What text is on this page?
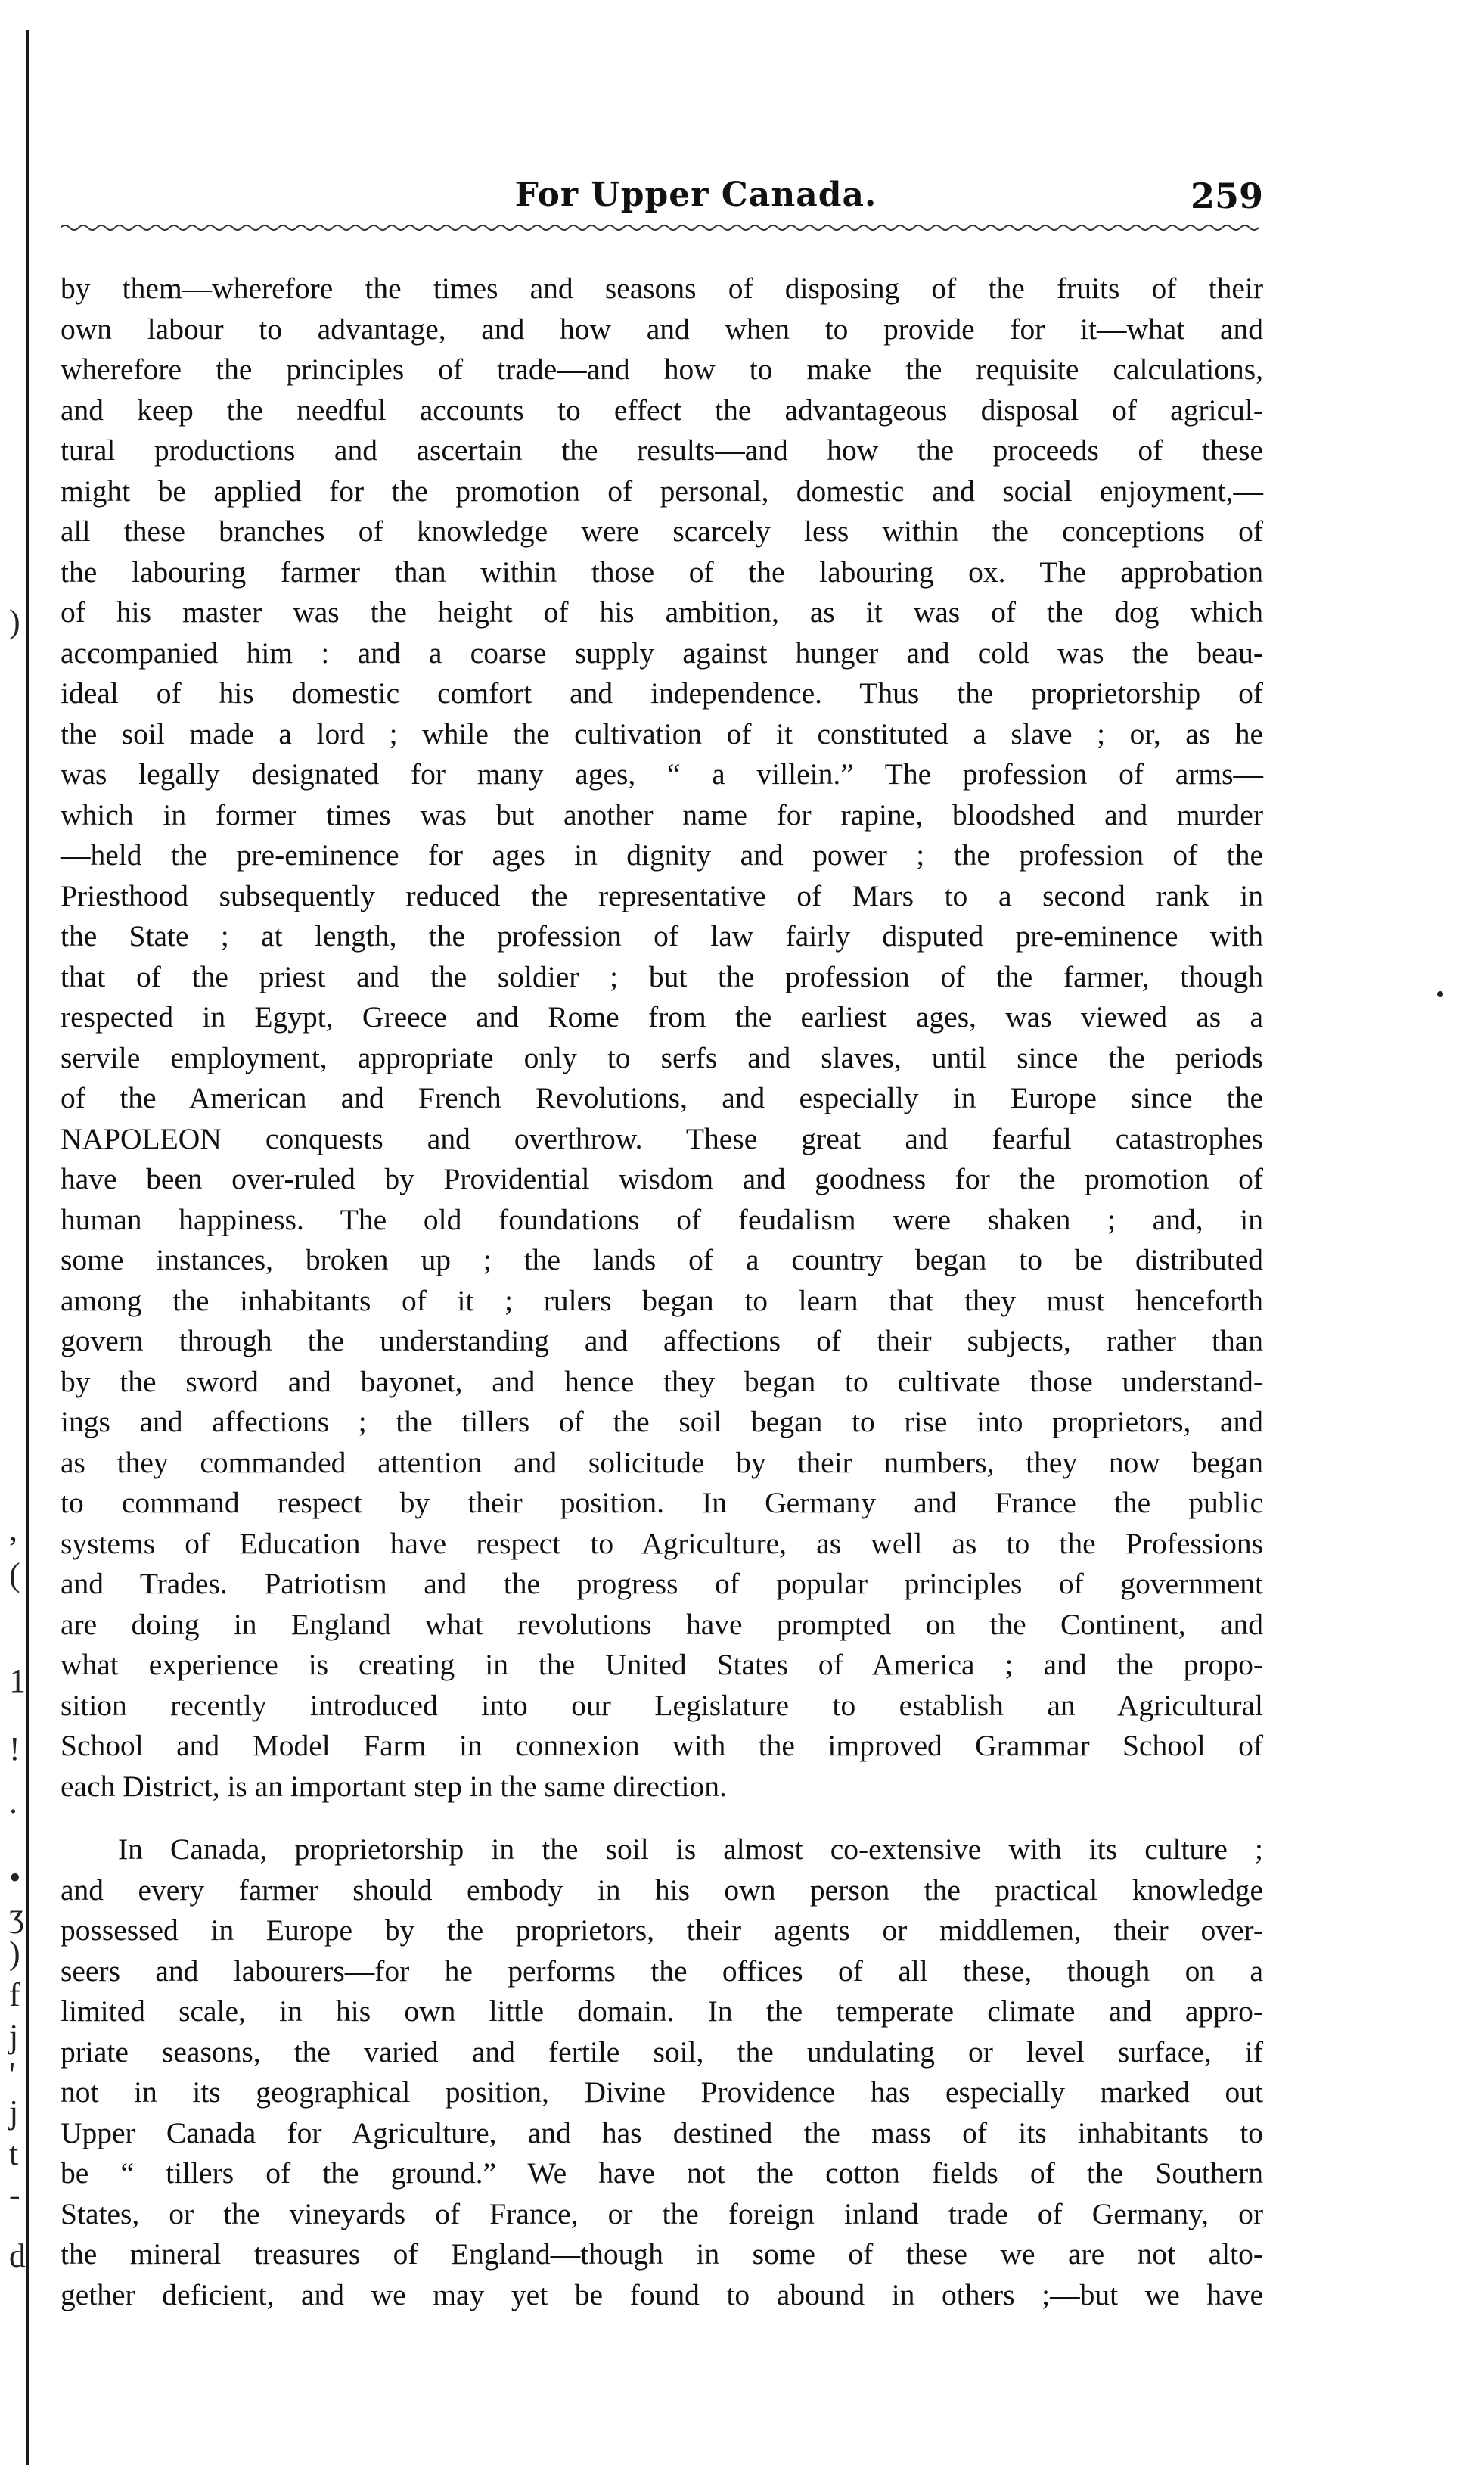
)
,
(
1
!
.
•
ʒ
)
f
j
'
j
t
-
d
For Upper Canada.	259
by them—wherefore the times and seasons of disposing of the fruits of their
own labour to advantage, and how and when to provide for it—what and
wherefore the principles of trade—and how to make the requisite calculations,
and keep the needful accounts to effect the advantageous disposal of agricul-
tural productions and ascertain the results—and how the proceeds of these
might be applied for the promotion of personal, domestic and social enjoyment,—
all these branches of knowledge were scarcely less within the conceptions of
the labouring farmer than within those of the labouring ox. The approbation
of his master was the height of his ambition, as it was of the dog which
accompanied him : and a coarse supply against hunger and cold was the beau-
ideal of his domestic comfort and independence. Thus the proprietorship of
the soil made a lord ; while the cultivation of it constituted a slave ; or, as he
was legally designated for many ages, “ a villein.” The profession of arms—
which in former times was but another name for rapine, bloodshed and murder
—held the pre-eminence for ages in dignity and power ; the profession of the
Priesthood subsequently reduced the representative of Mars to a second rank in
the State ; at length, the profession of law fairly disputed pre-eminence with
that of the priest and the soldier ; but the profession of the farmer, though
respected in Egypt, Greece and Rome from the earliest ages, was viewed as a
servile employment, appropriate only to serfs and slaves, until since the periods
of the American and French Revolutions, and especially in Europe since the
NAPOLEON conquests and overthrow. These great and fearful catastrophes
have been over-ruled by Providential wisdom and goodness for the promotion of
human happiness. The old foundations of feudalism were shaken ; and, in
some instances, broken up ; the lands of a country began to be distributed
among the inhabitants of it ; rulers began to learn that they must henceforth
govern through the understanding and affections of their subjects, rather than
by the sword and bayonet, and hence they began to cultivate those understand-
ings and affections ; the tillers of the soil began to rise into proprietors, and
as they commanded attention and solicitude by their numbers, they now began
to command respect by their position. In Germany and France the public
systems of Education have respect to Agriculture, as well as to the Professions
and Trades. Patriotism and the progress of popular principles of government
are doing in England what revolutions have prompted on the Continent, and
what experience is creating in the United States of America ; and the propo-
sition recently introduced into our Legislature to establish an Agricultural
School and Model Farm in connexion with the improved Grammar School of
each District, is an important step in the same direction.
In Canada, proprietorship in the soil is almost co-extensive with its culture ;
and every farmer should embody in his own person the practical knowledge
possessed in Europe by the proprietors, their agents or middlemen, their over-
seers and labourers—for he performs the offices of all these, though on a
limited scale, in his own little domain. In the temperate climate and appro-
priate seasons, the varied and fertile soil, the undulating or level surface, if
not in its geographical position, Divine Providence has especially marked out
Upper Canada for Agriculture, and has destined the mass of its inhabitants to
be “ tillers of the ground.” We have not the cotton fields of the Southern
States, or the vineyards of France, or the foreign inland trade of Germany, or
the mineral treasures of England—though in some of these we are not alto-
gether deficient, and we may yet be found to abound in others ;—but we have
